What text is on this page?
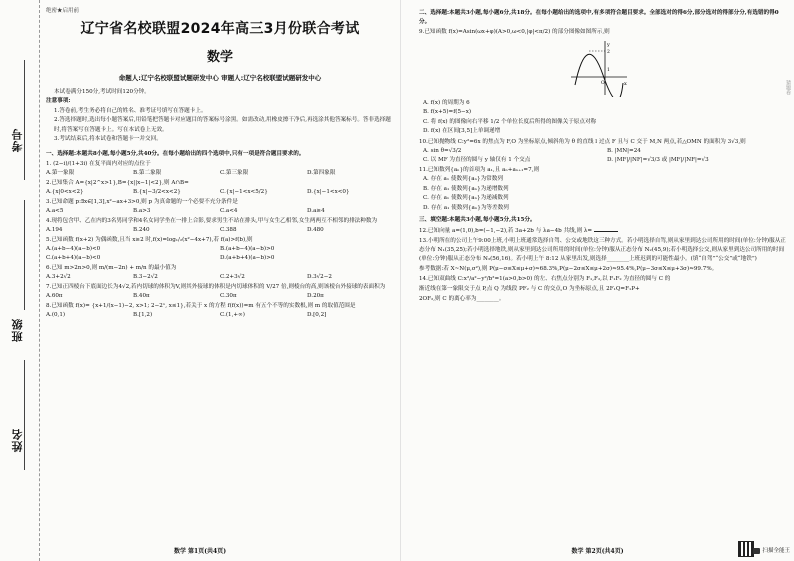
考号
班级
姓名
绝密★启用前
辽宁省名校联盟2024年高三3月份联合考试
数学
命题人:辽宁名校联盟试题研发中心 审题人:辽宁名校联盟试题研发中心
本试卷满分150分,考试时间120分钟。
注意事项:
1.答卷前,考生务必将自己的姓名、准考证号填写在答题卡上。
2.答选择题时,选出每小题答案后,用铅笔把答题卡对应题目的答案标号涂黑。如需改动,用橡皮擦干净后,再选涂其他答案标号。答非选择题时,将答案写在答题卡上。写在本试卷上无效。
3.考试结束后,将本试卷和答题卡一并交回。
一、选择题:本题共8小题,每小题5分,共40分。在每小题给出的四个选项中,只有一项是符合题目要求的。
1. (2−i)/(1+3i) 在复平面内对应的点位于
A.第一象限	B.第二象限	C.第三象限	D.第四象限
2.已知集合 A={x|2^x>1},B={x||x−1|<2},则 A∩B=
A.{x|0<x<2}	B.{x|−3/2<x<2}	C.{x|−1<x<5/2}	D.{x|−1<x<0}
3.已知命题 p:∃x∈[1,3],x²−ax+3>0,则 p 为真命题的一个必要不充分条件是
A.a<5	B.a>3	C.a<4	D.a≥4
4.现将包含甲、乙在内的3名男同学和4名女同学坐在一排上合影,要求男生不站在排头,甲与女生乙相邻,女生两两互不相邻的排法种数为
A.194	B.240	C.388	D.480
5.已知函数 f(x+2) 为偶函数,且当 x≥2 时,f(x)=log₁/₂(x²−4x+7),若 f(a)>f(b),则
A.(a+b−4)(a−b)<0	B.(a+b−4)(a−b)>0
C.(a+b+4)(a−b)<0	D.(a+b+4)(a−b)>0
6.已知 m>2n>0,则 m/(m−2n) + m/n 的最小值为
A.3+2√2	B.3−2√2	C.2+3√2	D.3√2−2
7.已知正四棱台下底面边长为4√2,若内切球的体积为V,则其外接球的体积是内切球体积的 V/27 倍,则棱台的高,则该棱台外接球的表面积为
A.60π	B.40π	C.30π	D.20π
8.已知函数 f(x)= {x+1/(x−1)−2, x>1; 2−2ˣ, x≤1},若关于 x 的方程 f(f(x))=m 有五个不等的实数根,则 m 的取值范围是
A.(0,1)	B.[1,2)	C.(1,+∞)	D.[0,2]
数学 第1页(共4页)
猜题卷
二、选择题:本题共3小题,每小题6分,共18分。在每小题给出的选项中,有多项符合题目要求。全部选对的得6分,部分选对的得部分分,有选错的得0分。
9.已知函数 f(x)=Asin(ωx+φ)(A>0,ω<0,|φ|<π/2) 的部分图像如图所示,则
y
x
O
2
1
A. f(x) 的周期为 6
B. f(x+5)=f(5−x)
C. 将 f(x) 的图像向右平移 1/2 个单位长度后所得的图像关于原点对称
D. f(x) 在区间[3,5]上单调递增
10.已知抛物线 C:y²=6x 的焦点为 F,O 为坐标原点,倾斜角为 θ 的直线 l 过点 F 且与 C 交于 M,N 两点,若△OMN 的面积为 3√3,则
A. sin θ=√3/2	B. |MN|=24
C. 以 MF 为直径的圆与 y 轴仅有 1 个交点	D. |MF|/|NF|=√3/3 或 |MF|/|NF|=√3
11.已知数列{aₙ}的首项为 a₁,且 aₙ+aₙ₊₁=7,则
A. 存在 a₁ 使数列{aₙ}为常数列
B. 存在 a₁ 使数列{aₙ}为递增数列
C. 存在 a₁ 使数列{aₙ}为递减数列
D. 存在 a₁ 使数列{aₙ}为等差数列
三、填空题:本题共3小题,每小题5分,共15分。
12.已知向量 a=(1,0),b=(−1,−2),若 3a+2b 与 λa−4b 共线,则 λ=
13.小明所在的公司上午9:00上班,小明上班通常选择自驾、公交或地铁这三种方式。若小明选择自驾,则从家里到达公司所用的时间(单位:分钟)服从正态分布 N₁(35,25);若小明选择地铁,则从家里到达公司所用的时间(单位:分钟)服从正态分布 N₂(45,9);若小明选择公交,则从家里到达公司所用的时间(单位:分钟)服从正态分布 N₃(56,16)。若小明上午 8:12 从家里出发,则选择________上班迟到的可能性最小。(填“自驾”“公交”或“地铁”)
参考数据:若 X~N(μ,σ²),则 P(μ−σ≤X≤μ+σ)≈68.3%,P(μ−2σ≤X≤μ+2σ)≈95.4%,P(μ−3σ≤X≤μ+3σ)≈99.7%。
14.已知双曲线 C:x²/a²−y²/b²=1(a>0,b>0) 的左、右焦点分别为 F₁,F₂,以 F₁F₂ 为直径的圆与 C 的
渐近线在第一象限交于点 P,点 Q 为线段 PF₂ 与 C 的交点,O 为坐标原点,且 2F₁Q=F₁P+
2OF₂,则 C 的离心率为________。
数学 第2页(共4页)	扫描全能王
